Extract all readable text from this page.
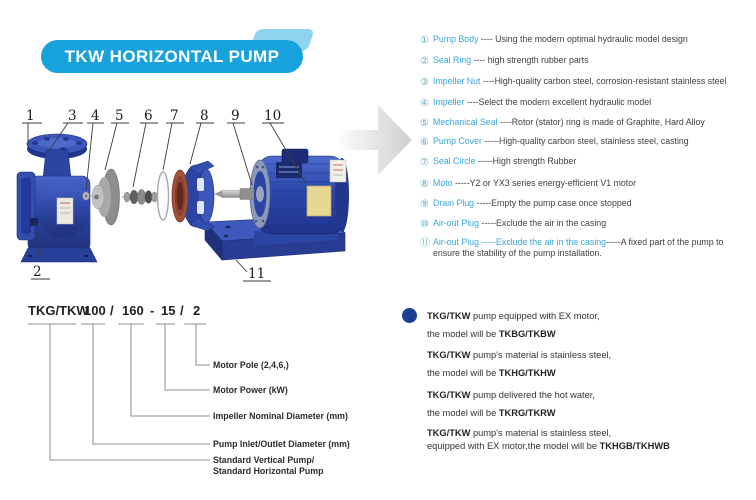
TKW HORIZONTAL PUMP
1 3 4 5 6 7 8 9 10
2	11
① Pump Body ---- Using the modern optimal hydraulic model design
② Seal Ring ---- high strength rubber parts
③ Impeller Nut ----High-quality carbon steel, corrosion-resistant stainless steel
④ Impeller ----Select the modern excellent hydraulic model
⑤ Mechanical Seal ----Rotor (stator) ring is made of Graphite, Hard Alloy
⑥ Pump Cover -----High-quality carbon steel, stainless steel, casting
⑦ Seal Circle -----High strength Rubber
⑧ Moto -----Y2 or YX3 series energy-efficient V1 motor
⑨ Drain Plug -----Empty the pump case once stopped
⑩ Air-out Plug -----Exclude the air in the casing
⑪ Air-out Plug -----Exclude the air in the casing-----A fixed part of the pump to
ensure the stability of the pump installation.
TKG/TKW
100 / 160 - 15 / 2
Motor Pole (2,4,6,)
Motor Power (kW)
Impeller Nominal Diameter (mm)
Pump Inlet/Outlet Diameter (mm)
Standard Vertical Pump/
Standard Horizontal Pump
TKG/TKW pump equipped with EX motor,
the model will be TKBG/TKBW
TKG/TKW pump's material is stainless steel,
the model will be TKHG/TKHW
TKG/TKW pump delivered the hot water,
the model will be TKRG/TKRW
TKG/TKW pump's material is stainless steel,
equipped with EX motor,the model will be TKHGB/TKHWB
